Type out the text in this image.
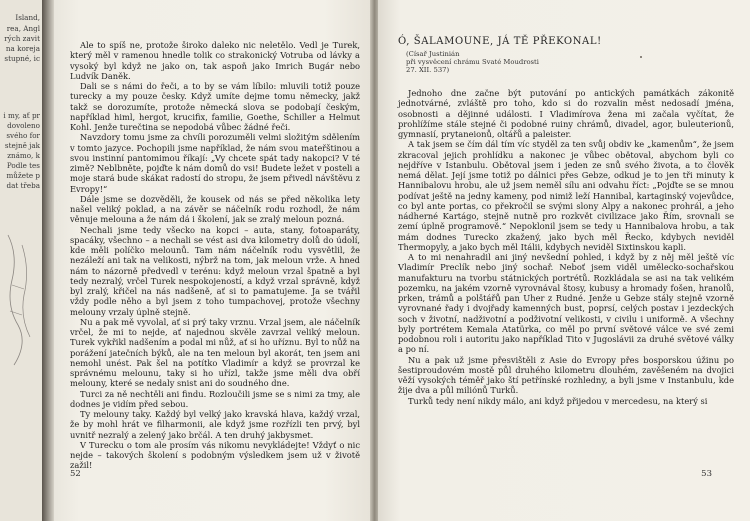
Island,
rea, Angl
rých zavit
na koreja
stupné, ic
i my, ať pr
dovoleno
svého for
stejně jak
známo, k
Podle tes
můžete p
dat třeba

Ale to spíš ne, protože široko daleko nic neletělo. Vedl je Turek, který měl v ramenou hnedle tolik co strakonický Votruba od lávky a vysoký byl když ne jako on, tak aspoň jako Imrich Bugár nebo Ludvík Daněk.

Dali se s námi do řeči, a to by se vám líbilo: mluvili totiž pouze turecky a my pouze česky. Když umíte dejme tomu německy, jakž takž se dorozumíte, protože německá slova se podobají českým, například himl, hergot, krucifix, familie, Goethe, Schiller a Helmut Kohl. Jenže turečtina se nepodobá vůbec žádné řeči.

Navzdory tomu jsme za chvíli porozuměli velmi složitým sdělením v tomto jazyce. Pochopili jsme například, že nám svou mateřštinou a svou instinní pantomimou říkají: „Vy chcete spát tady nakopci? V té zimě? Neblbněte, pojďte k nám domů do vsi! Budete ležet v posteli a moje stará bude skákat radostí do stropu, že jsem přivedl návštěvu z Evropy!“

Dále jsme se dozvěděli, že kousek od nás se před několika lety našel veliký poklad, a na závěr se náčelník rodu rozhodl, že nám věnuje melouna a že nám dá i školení, jak se zralý meloun pozná.

Nechali jsme tedy všecko na kopci – auta, stany, fotoaparáty, spacáky, všechno – a nechali se vést asi dva kilometry dolů do údolí, kde měli políčko melounů. Tam nám náčelník rodu vysvětlil, že nezáleží ani tak na velikosti, nýbrž na tom, jak meloun vrže. A hned nám to názorně předvedl v terénu: když meloun vrzal špatně a byl tedy nezralý, vrčel Turek nespokojeností, a když vrzal správně, když byl zralý, křičel na nás nadšeně, ať si to pamatujeme. Ja se tvářil vždy podle něho a byl jsem z toho tumpachovej, protože všechny melouny vrzaly úplně stejně.

Nu a pak mě vyvolal, ať si prý taky vrznu. Vrzal jsem, ale náčelník vrčel, že mi to nejde, ať najednou skvěle zavrzal veliký meloun. Turek vykřikl nadšením a podal mi nůž, ať si ho uříznu. Byl to nůž na porážení jatečních býků, ale na ten meloun byl akorát, ten jsem ani nemohl unést. Pak šel na potítko Vladimír a když se provrzal ke správnému melounu, taky si ho uřízl, takže jsme měli dva obří melouny, které se nedaly snist ani do soudného dne.

Turci za ně nechtěli ani findu. Rozloučili jsme se s nimi za tmy, ale dodnes je vidím před sebou.

Ty melouny taky. Každý byl velký jako kravská hlava, každý vrzal, že by mohl hrát ve filharmonii, ale když jsme rozřízli ten prvý, byl uvnitř nezralý a zelený jako brčál. A ten druhý jakbysmet.

V Turecku o tom ale prosím vás nikomu nevykládejte! Vždyť o nic nejde – takových školení s podobným výsledkem jsem už v životě zažil!

52
Ó, ŠALAMOUNE, JÁ TĚ PŘEKONAL!
(Císař Justinián
při vysvěcení chrámu Svaté Moudrosti
27. XII. 537)

Jednoho dne začne být putování po antických památkách zákonitě jednotvárné, zvláště pro toho, kdo si do rozvalin měst nedosadí jména, osobnosti a dějinné události. I Vladimírova žena mi začala vyčítat, že prohlížíme stále stejné či podobné ruiny chrámů, divadel, agor, buleuterionů, gymnasií, prytaneionů, oltářů a paleister.

A tak jsem se čím dál tím víc styděl za ten svůj obdiv ke „kamenům“, že jsem zkracoval jejich prohlídku a nakonec je vůbec obětoval, abychom byli co nejdříve v Istanbulu. Obětoval jsem i jeden ze snů svého života, a to člověk nemá dělat. Její jsme totiž po dálnici přes Gebze, odkud je to jen tři minuty k Hannibalovu hrobu, ale už jsem neměl sílu ani odvahu říct: „Pojďte se se mnou podívat ještě na jedny kameny, pod nimiž leží Hannibal, kartaginský vojevůdce, co byl ante portas, co překročil se svými slony Alpy a nakonec prohrál, a jeho nádherné Kartágo, stejně nutně pro rozkvět civilizace jako Řím, srovnali se zemí úplně programově.“ Nepoklonil jsem se tedy u Hannibalova hrobu, a tak mám dodnes Turecko zkažený, jako bych měl Řecko, kdybych neviděl Thermopyly, a jako bych měl Itálii, kdybych neviděl Sixtinskou kapli.

A to mi nenahradil ani jiný nevšední pohled, i když by z něj měl ještě víc Vladimír Preclík nebo jiný sochař. Neboť jsem viděl umělecko-sochařskou manufakturu na tvorbu státnických portrétů. Rozkládala se asi na tak velikém pozemku, na jakém vzorně vyrovnával štosy, kubusy a hromady fošen, hranolů, prken, trámů a polštářů pan Uher z Rudné. Jenže u Gebze stály stejně vzorně vyrovnané řady i dvojřady kamenných bust, poprsí, celých postav i jezdeckých soch v životní, nadživotní a podživotní velikosti, v civilu i uniformě. A všechny byly portrétem Kemala Atatürka, co měl po první světové válce ve své zemi podobnou roli i autoritu jako například Tito v Jugoslávii za druhé světové války a po ní.

Nu a pak už jsme přesvištěli z Asie do Evropy přes bosporskou úžinu po šestiproudovém mostě půl druhého kilometru dlouhém, zavěšeném na dvojici věží vysokých téměř jako ští petřínské rozhledny, a byli jsme v Instanbulu, kde žije dva a půl miliónů Turků.

Turků tedy není nikdy málo, ani když přijedou v mercedesu, na který si

53
